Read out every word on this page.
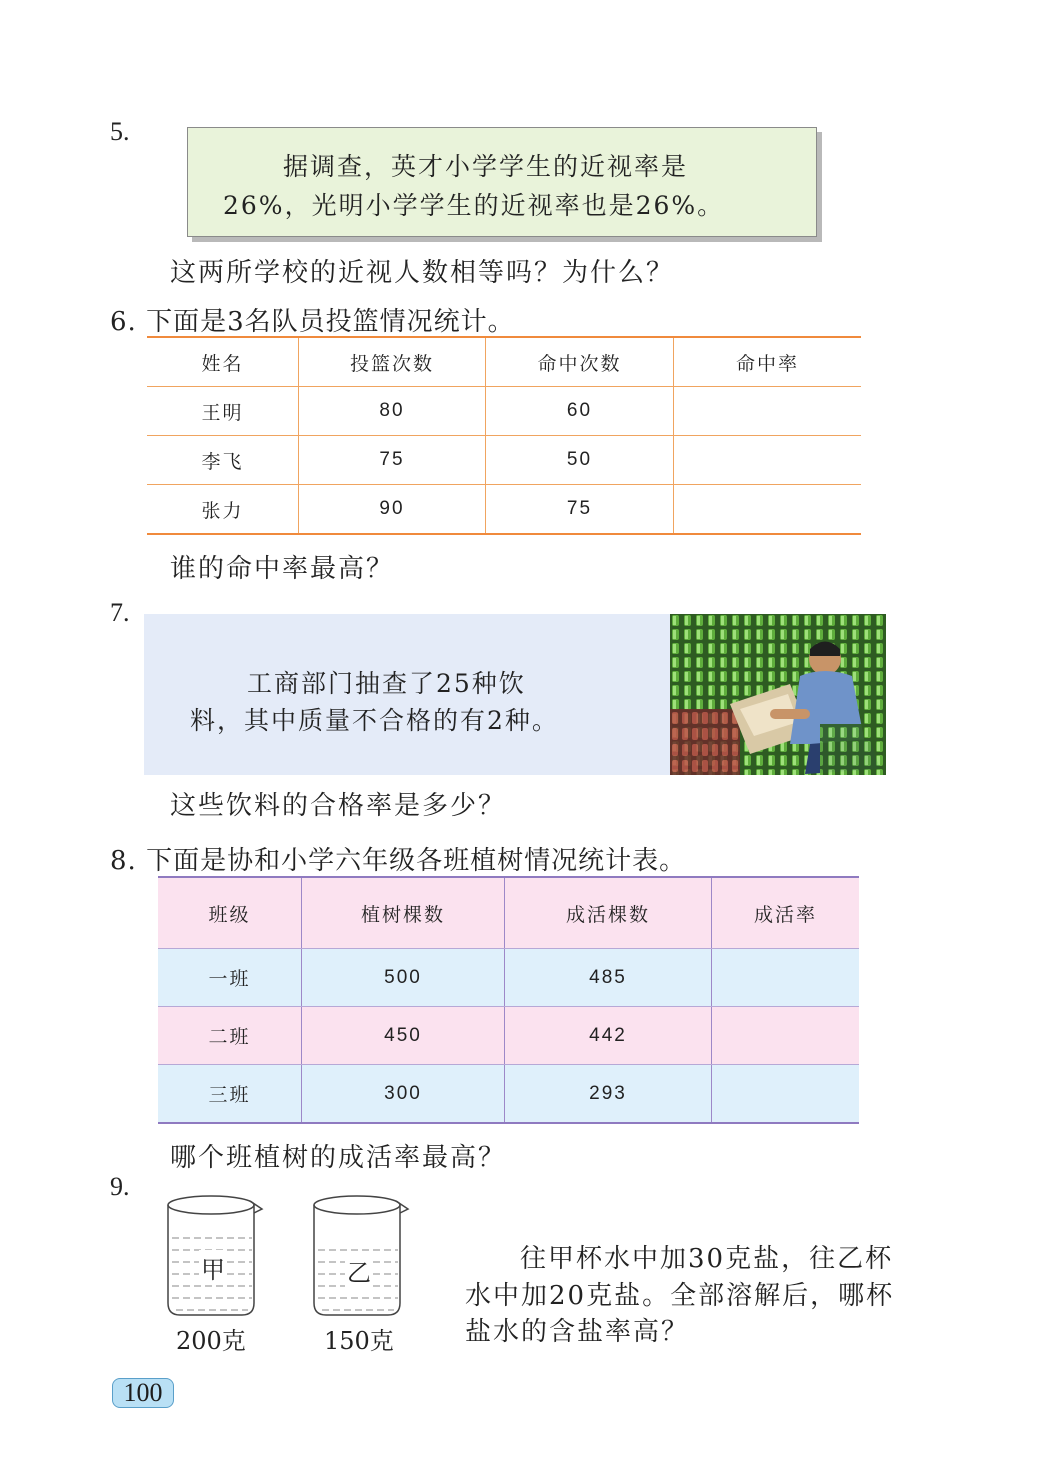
5.
据调查，英才小学学生的近视率是
26%，光明小学学生的近视率也是26%。
这两所学校的近视人数相等吗？为什么？
6. 下面是3名队员投篮情况统计。
姓名	投篮次数	命中次数	命中率
王明	80	60	
李飞	75	50	
张力	90	75	
谁的命中率最高？
7.
工商部门抽查了25种饮
料，其中质量不合格的有2种。
这些饮料的合格率是多少？
8. 下面是协和小学六年级各班植树情况统计表。
班级	植树棵数	成活棵数	成活率
一班	500	485	
二班	450	442	
三班	300	293	
哪个班植树的成活率最高？
9.
甲
200克
乙
150克
往甲杯水中加30克盐，往乙杯
水中加20克盐。全部溶解后，哪杯
盐水的含盐率高？
100
